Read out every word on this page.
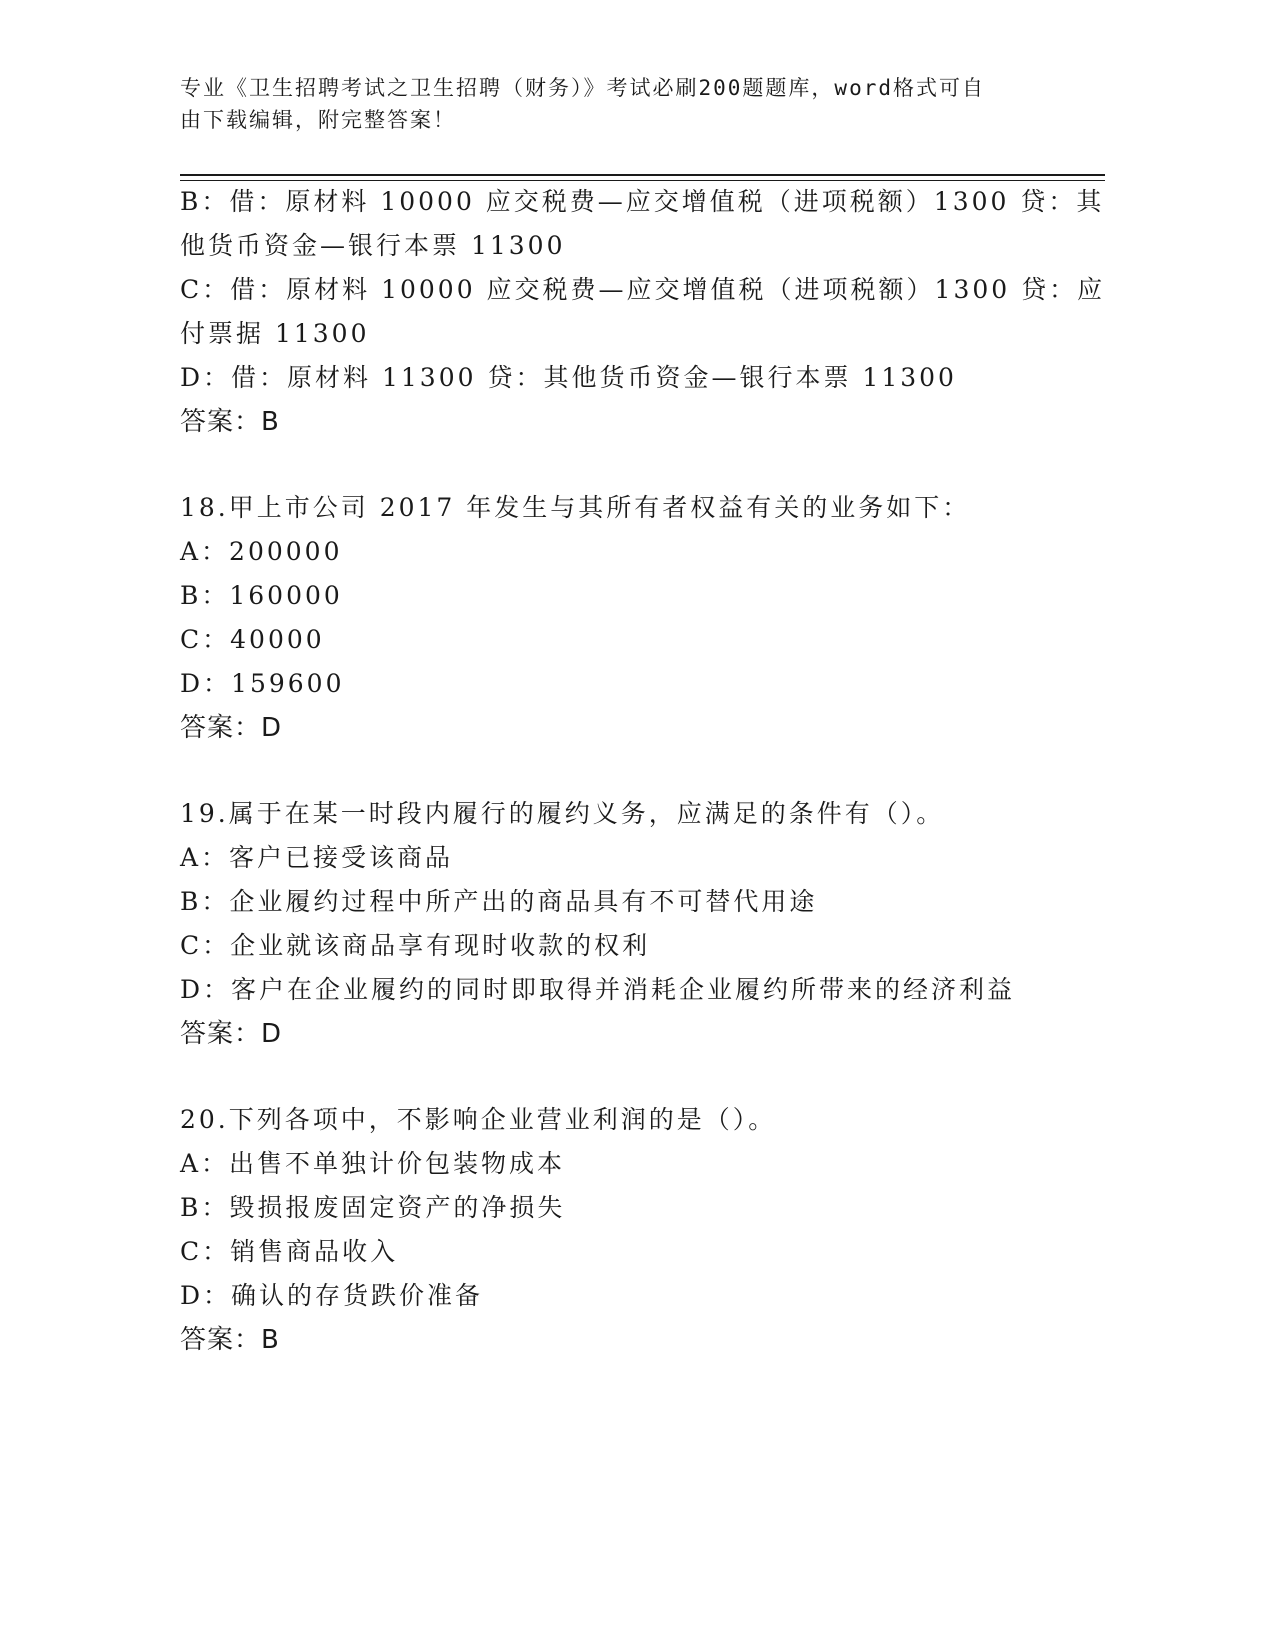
专业《卫生招聘考试之卫生招聘（财务）》考试必刷200题题库，word格式可自
由下载编辑，附完整答案！
B：借：原材料 10000 应交税费—应交增值税（进项税额）1300 贷：其
他货币资金—银行本票 11300
C：借：原材料 10000 应交税费—应交增值税（进项税额）1300 贷：应
付票据 11300
D：借：原材料 11300 贷：其他货币资金—银行本票 11300
答案：B
18.甲上市公司 2017 年发生与其所有者权益有关的业务如下：
A：200000
B：160000
C：40000
D：159600
答案：D
19.属于在某一时段内履行的履约义务，应满足的条件有（）。
A：客户已接受该商品
B：企业履约过程中所产出的商品具有不可替代用途
C：企业就该商品享有现时收款的权利
D：客户在企业履约的同时即取得并消耗企业履约所带来的经济利益
答案：D
20.下列各项中，不影响企业营业利润的是（）。
A：出售不单独计价包装物成本
B：毁损报废固定资产的净损失
C：销售商品收入
D：确认的存货跌价准备
答案：B
